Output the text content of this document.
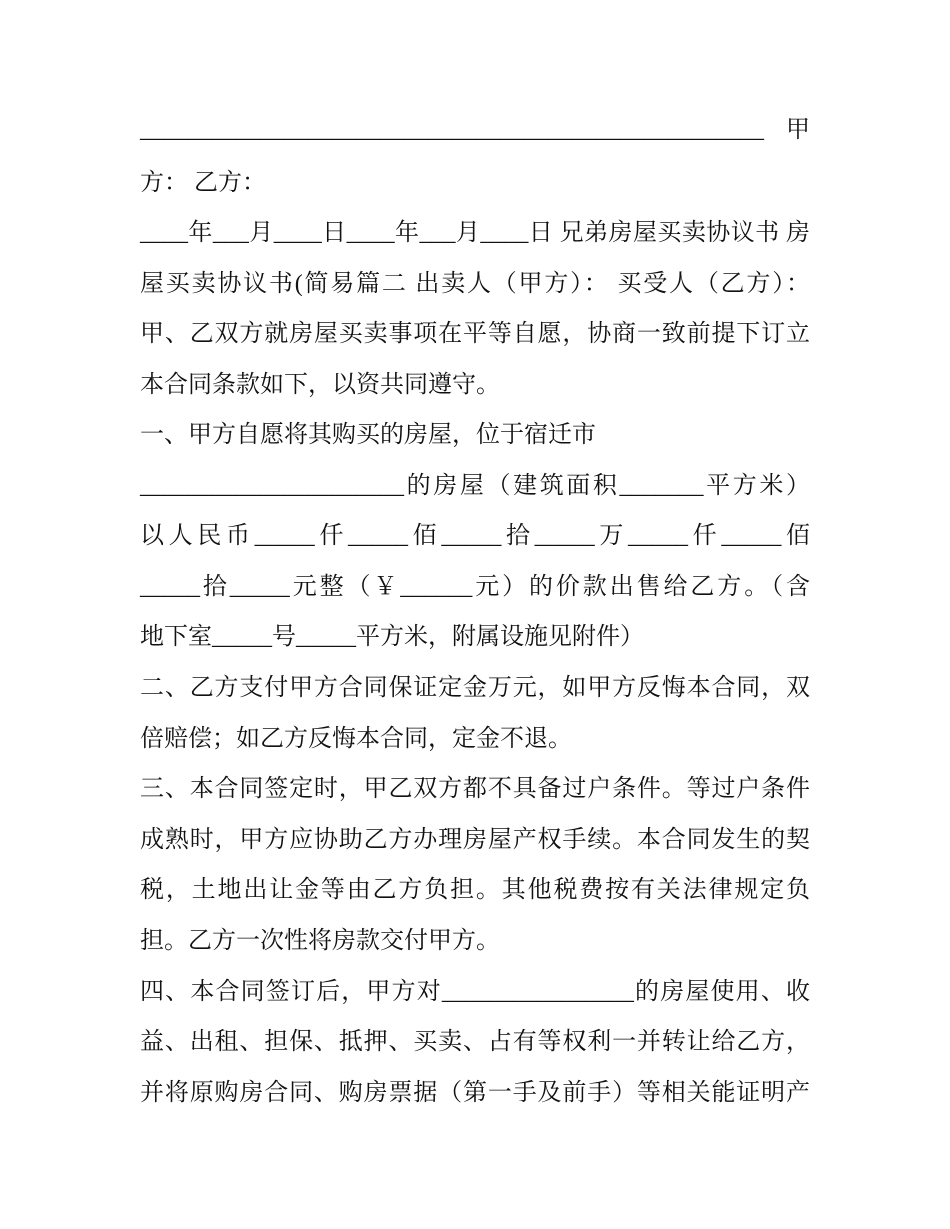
____________________________________________________ 甲
方： 乙方：
____年___月____日____年___月____日 兄弟房屋买卖协议书 房
屋买卖协议书(简易篇二 出卖人（甲方）： 买受人（乙方）：
甲、乙双方就房屋买卖事项在平等自愿，协商一致前提下订立
本合同条款如下，以资共同遵守。
一、甲方自愿将其购买的房屋，位于宿迁市
______________________的房屋（建筑面积_______平方米）
以人民币_____仟_____佰_____拾_____万_____仟_____佰
_____拾_____元整（￥______元）的价款出售给乙方。（含
地下室_____号_____平方米，附属设施见附件）
二、乙方支付甲方合同保证定金万元，如甲方反悔本合同，双
倍赔偿；如乙方反悔本合同，定金不退。
三、本合同签定时，甲乙双方都不具备过户条件。等过户条件
成熟时，甲方应协助乙方办理房屋产权手续。本合同发生的契
税，土地出让金等由乙方负担。其他税费按有关法律规定负
担。乙方一次性将房款交付甲方。
四、本合同签订后，甲方对________________的房屋使用、收
益、出租、担保、抵押、买卖、占有等权利一并转让给乙方，
并将原购房合同、购房票据（第一手及前手）等相关能证明产
